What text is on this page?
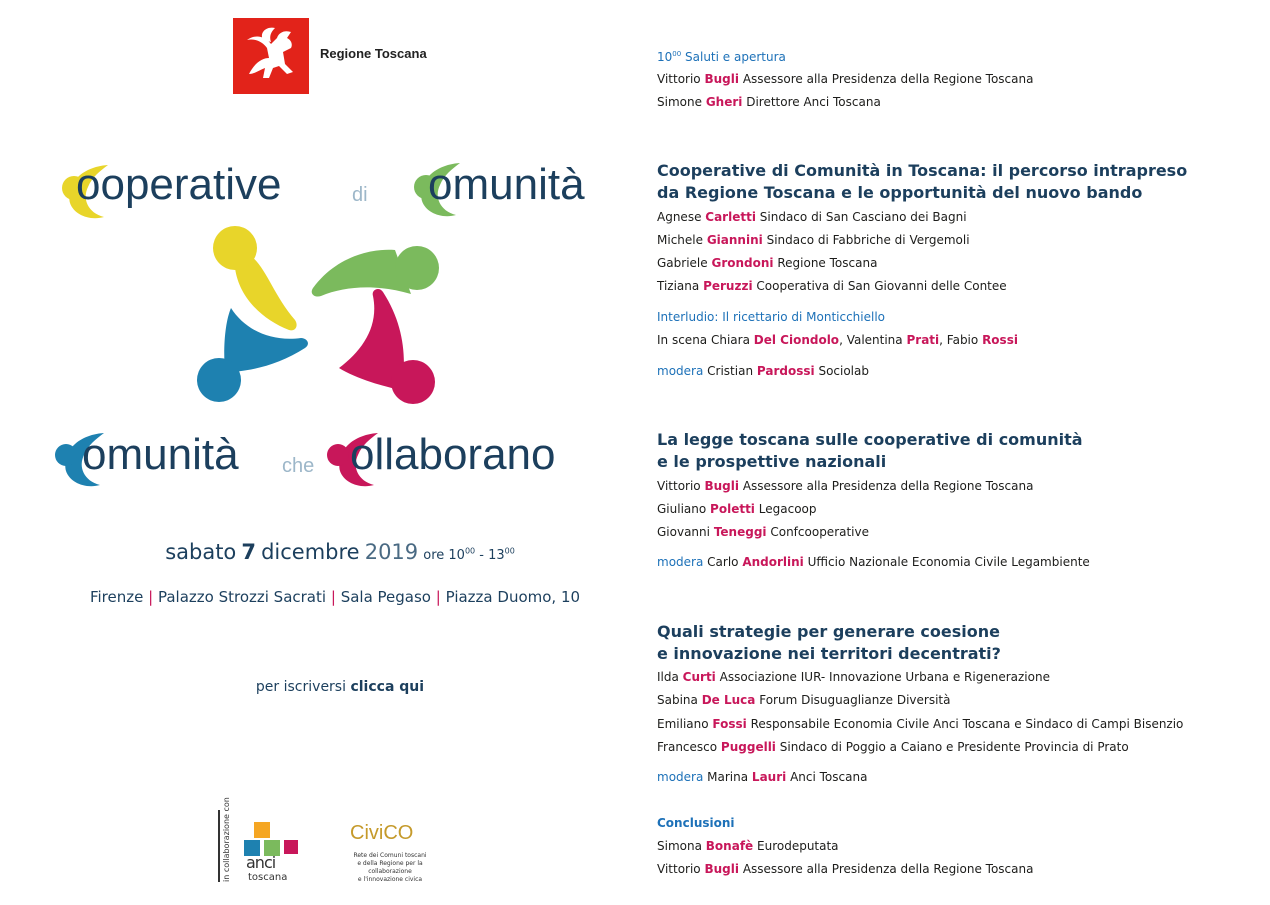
Regione Toscana
ooperative	di omunità
omunità che ollaborano
sabato 7 dicembre 2019 ore $10^{00} - 13^{00}$
Firenze | Palazzo Strozzi Sacrati | Sala Pegaso | Piazza Duomo, 10
per iscriversi clicca qui
in collaborazione con anci
toscana
CiviCO
Rete dei Comuni toscani
e della Regione per la collaborazione
e l'innovazione civica
$10^{00}$ Saluti e apertura
Vittorio Bugli Assessore alla Presidenza della Regione Toscana
Simone Gheri Direttore Anci Toscana
Cooperative di Comunità in Toscana: il percorso intrapreso
da Regione Toscana e le opportunità del nuovo bando
Agnese Carletti Sindaco di San Casciano dei Bagni
Michele Giannini Sindaco di Fabbriche di Vergemoli
Gabriele Grondoni Regione Toscana
Tiziana Peruzzi Cooperativa di San Giovanni delle Contee
Interludio: Il ricettario di Monticchiello
In scena Chiara Del Ciondolo, Valentina Prati, Fabio Rossi
modera Cristian Pardossi Sociolab
La legge toscana sulle cooperative di comunità
e le prospettive nazionali
Vittorio Bugli Assessore alla Presidenza della Regione Toscana
Giuliano Poletti Legacoop
Giovanni Teneggi Confcooperative
modera Carlo Andorlini Ufficio Nazionale Economia Civile Legambiente
Quali strategie per generare coesione
e innovazione nei territori decentrati?
Ilda Curti Associazione IUR- Innovazione Urbana e Rigenerazione
Sabina De Luca Forum Disuguaglianze Diversità
Emiliano Fossi Responsabile Economia Civile Anci Toscana e Sindaco di Campi Bisenzio
Francesco Puggelli Sindaco di Poggio a Caiano e Presidente Provincia di Prato
modera Marina Lauri Anci Toscana
Conclusioni
Simona Bonafè Eurodeputata
Vittorio Bugli Assessore alla Presidenza della Regione Toscana
